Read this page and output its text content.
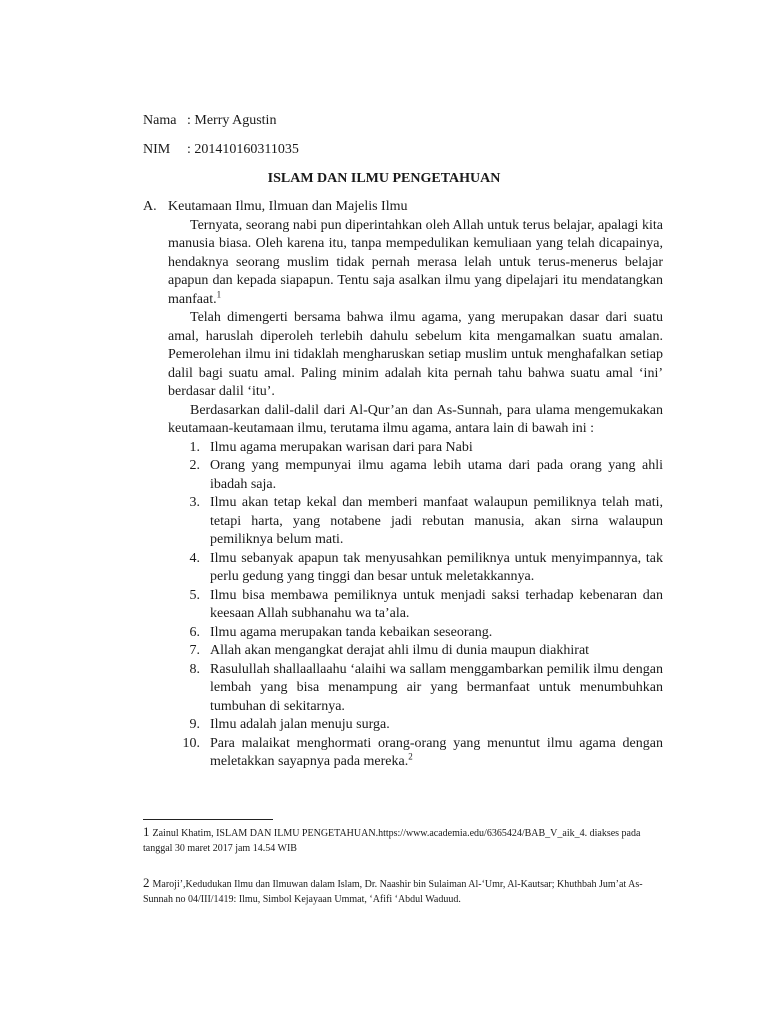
Nama : Merry Agustin
NIM : 201410160311035
ISLAM DAN ILMU PENGETAHUAN
A. Keutamaan Ilmu, Ilmuan dan Majelis Ilmu

Ternyata, seorang nabi pun diperintahkan oleh Allah untuk terus belajar, apalagi kita manusia biasa. Oleh karena itu, tanpa mempedulikan kemuliaan yang telah dicapainya, hendaknya seorang muslim tidak pernah merasa lelah untuk terus-menerus belajar apapun dan kepada siapapun. Tentu saja asalkan ilmu yang dipelajari itu mendatangkan manfaat.$^1$

Telah dimengerti bersama bahwa ilmu agama, yang merupakan dasar dari suatu amal, haruslah diperoleh terlebih dahulu sebelum kita mengamalkan suatu amalan. Pemerolehan ilmu ini tidaklah mengharuskan setiap muslim untuk menghafalkan setiap dalil bagi suatu amal. Paling minim adalah kita pernah tahu bahwa suatu amal ‘ini’ berdasar dalil ‘itu’.

Berdasarkan dalil-dalil dari Al-Qur’an dan As-Sunnah, para ulama mengemukakan keutamaan-keutamaan ilmu, terutama ilmu agama, antara lain di bawah ini :

1. Ilmu agama merupakan warisan dari para Nabi
2. Orang yang mempunyai ilmu agama lebih utama dari pada orang yang ahli ibadah saja.
3. Ilmu akan tetap kekal dan memberi manfaat walaupun pemiliknya telah mati, tetapi harta, yang notabene jadi rebutan manusia, akan sirna walaupun pemiliknya belum mati.
4. Ilmu sebanyak apapun tak menyusahkan pemiliknya untuk menyimpannya, tak perlu gedung yang tinggi dan besar untuk meletakkannya.
5. Ilmu bisa membawa pemiliknya untuk menjadi saksi terhadap kebenaran dan keesaan Allah subhanahu wa ta’ala.
6. Ilmu agama merupakan tanda kebaikan seseorang.
7. Allah akan mengangkat derajat ahli ilmu di dunia maupun diakhirat
8. Rasulullah shallaallaahu ‘alaihi wa sallam menggambarkan pemilik ilmu dengan lembah yang bisa menampung air yang bermanfaat untuk menumbuhkan tumbuhan di sekitarnya.
9. Ilmu adalah jalan menuju surga.
10. Para malaikat menghormati orang-orang yang menuntut ilmu agama dengan meletakkan sayapnya pada mereka.$^2$
1 Zainul Khatim, ISLAM DAN ILMU PENGETAHUAN.https://www.academia.edu/6365424/BAB_V_aik_4. diakses pada tanggal 30 maret 2017 jam 14.54 WIB
2 Marojiʼ,Kedudukan Ilmu dan Ilmuwan dalam Islam, Dr. Naashir bin Sulaiman Al-‘Umr, Al-Kautsar; Khuthbah Jum’at As-Sunnah no 04/III/1419: Ilmu, Simbol Kejayaan Ummat, ‘Afifi ‘Abdul Waduud.
